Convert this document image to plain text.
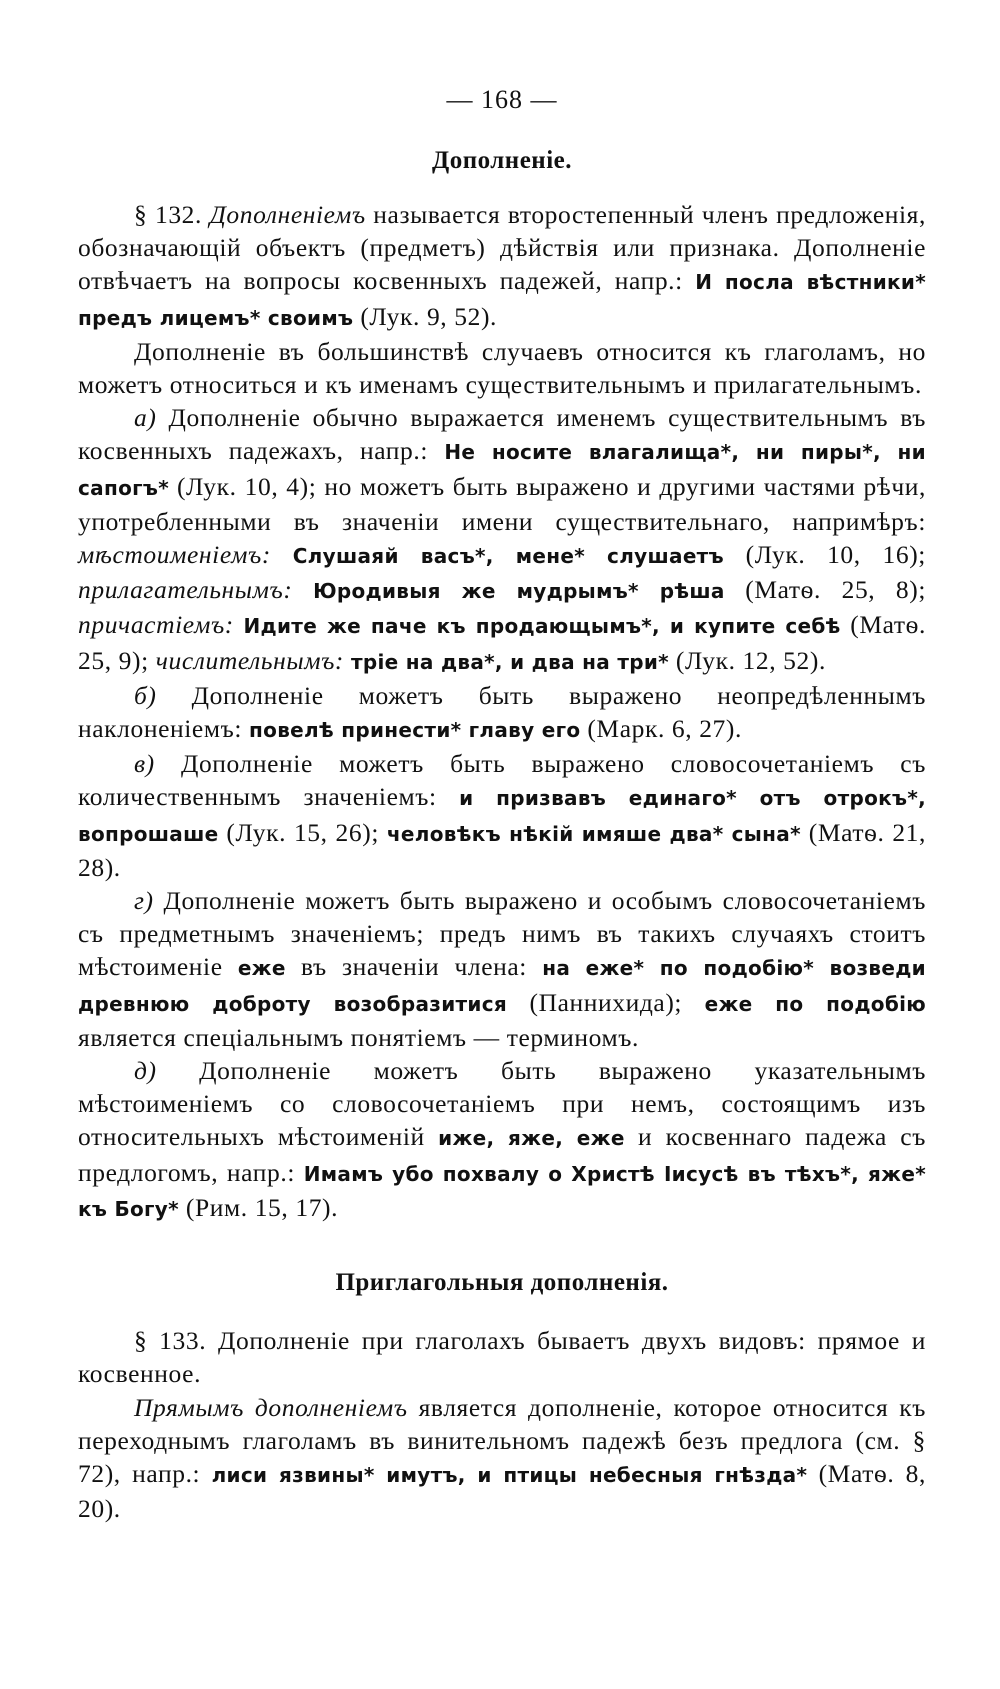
— 168 —
Дополненіе.

§ 132. Дополненіемъ называется второстепенный членъ предложенія, обозначающій объектъ (предметъ) дѣйствія или признака. Дополненіе отвѣчаетъ на вопросы косвенныхъ падежей, напр.: И посла вѣстники* предъ лицемъ* своимъ (Лук. 9, 52).

Дополненіе въ большинствѣ случаевъ относится къ глаголамъ, но можетъ относиться и къ именамъ существительнымъ и прилагательнымъ.

а) Дополненіе обычно выражается именемъ существительнымъ въ косвенныхъ падежахъ, напр.: Не носите влагалища*, ни пиры*, ни сапогъ* (Лук. 10, 4); но можетъ быть выражено и другими частями рѣчи, употребленными въ значеніи имени существительнаго, напримѣръ: мѣстоименіемъ: Слушаяй васъ*, мене* слушаетъ (Лук. 10, 16); прилагательнымъ: Юродивыя же мудрымъ* рѣша (Матѳ. 25, 8); причастіемъ: Идите же паче къ продающымъ*, и купите себѣ (Матѳ. 25, 9); числительнымъ: трiе на два*, и два на три* (Лук. 12, 52).

б) Дополненіе можетъ быть выражено неопредѣленнымъ наклоненіемъ: повелѣ принести* главу его (Марк. 6, 27).

в) Дополненіе можетъ быть выражено словосочетаніемъ съ количественнымъ значеніемъ: и призвавъ единаго* отъ отрокъ*, вопрошаше (Лук. 15, 26); человѣкъ нѣкій имяше два* сына* (Матѳ. 21, 28).

г) Дополненіе можетъ быть выражено и особымъ словосочетаніемъ съ предметнымъ значеніемъ; предъ нимъ въ такихъ случаяхъ стоитъ мѣстоименіе еже въ значеніи члена: на еже* по подобію* возведи древнюю доброту возобразитися (Паннихида); еже по подобію является спеціальнымъ понятіемъ — терминомъ.

д) Дополненіе можетъ быть выражено указательнымъ мѣстоименіемъ со словосочетаніемъ при немъ, состоящимъ изъ относительныхъ мѣстоименій иже, яже, еже и косвеннаго падежа съ предлогомъ, напр.: Имамъ убо похвалу о Христѣ Іисусѣ въ тѣхъ*, яже* къ Богу* (Рим. 15, 17).

Приглагольныя дополненія.

§ 133. Дополненіе при глаголахъ бываетъ двухъ видовъ: прямое и косвенное.

Прямымъ дополненіемъ является дополненіе, которое относится къ переходнымъ глаголамъ въ винительномъ падежѣ безъ предлога (см. § 72), напр.: лиси язвины* имутъ, и птицы небесныя гнѣзда* (Матѳ. 8, 20).
